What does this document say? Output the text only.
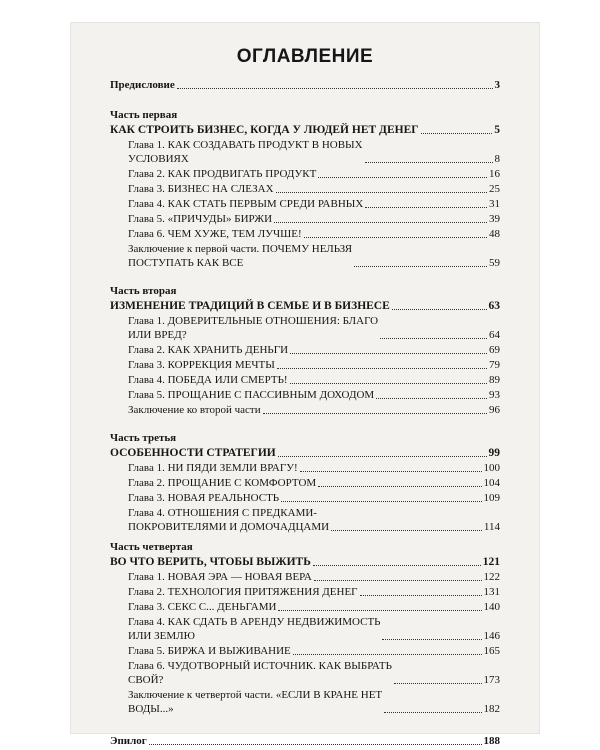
ОГЛАВЛЕНИЕ
Предисловие	3
Часть первая
КАК СТРОИТЬ БИЗНЕС, КОГДА У ЛЮДЕЙ НЕТ ДЕНЕГ	5
Глава 1. КАК СОЗДАВАТЬ ПРОДУКТ В НОВЫХ
УСЛОВИЯХ	8
Глава 2. КАК ПРОДВИГАТЬ ПРОДУКТ	16
Глава 3. БИЗНЕС НА СЛЕЗАХ	25
Глава 4. КАК СТАТЬ ПЕРВЫМ СРЕДИ РАВНЫХ	31
Глава 5. «ПРИЧУДЫ» БИРЖИ	39
Глава 6. ЧЕМ ХУЖЕ, ТЕМ ЛУЧШЕ!	48
Заключение к первой части. ПОЧЕМУ НЕЛЬЗЯ
ПОСТУПАТЬ КАК ВСЕ	59
Часть вторая
ИЗМЕНЕНИЕ ТРАДИЦИЙ В СЕМЬЕ И В БИЗНЕСЕ	63
Глава 1. ДОВЕРИТЕЛЬНЫЕ ОТНОШЕНИЯ: БЛАГО
ИЛИ ВРЕД?	64
Глава 2. КАК ХРАНИТЬ ДЕНЬГИ	69
Глава 3. КОРРЕКЦИЯ МЕЧТЫ	79
Глава 4. ПОБЕДА ИЛИ СМЕРТЬ!	89
Глава 5. ПРОЩАНИЕ С ПАССИВНЫМ ДОХОДОМ	93
Заключение ко второй части	96
Часть третья
ОСОБЕННОСТИ СТРАТЕГИИ	99
Глава 1. НИ ПЯДИ ЗЕМЛИ ВРАГУ!	100
Глава 2. ПРОЩАНИЕ С КОМФОРТОМ	104
Глава 3. НОВАЯ РЕАЛЬНОСТЬ	109
Глава 4. ОТНОШЕНИЯ С ПРЕДКАМИ-
ПОКРОВИТЕЛЯМИ И ДОМОЧАДЦАМИ	114
Часть четвертая
ВО ЧТО ВЕРИТЬ, ЧТОБЫ ВЫЖИТЬ	121
Глава 1. НОВАЯ ЭРА — НОВАЯ ВЕРА	122
Глава 2. ТЕХНОЛОГИЯ ПРИТЯЖЕНИЯ ДЕНЕГ	131
Глава 3. СЕКС С... ДЕНЬГАМИ	140
Глава 4. КАК СДАТЬ В АРЕНДУ НЕДВИЖИМОСТЬ
ИЛИ ЗЕМЛЮ	146
Глава 5. БИРЖА И ВЫЖИВАНИЕ	165
Глава 6. ЧУДОТВОРНЫЙ ИСТОЧНИК. КАК ВЫБРАТЬ
СВОЙ?	173
Заключение к четвертой части. «ЕСЛИ В КРАНЕ НЕТ
ВОДЫ...»	182
Эпилог	188
